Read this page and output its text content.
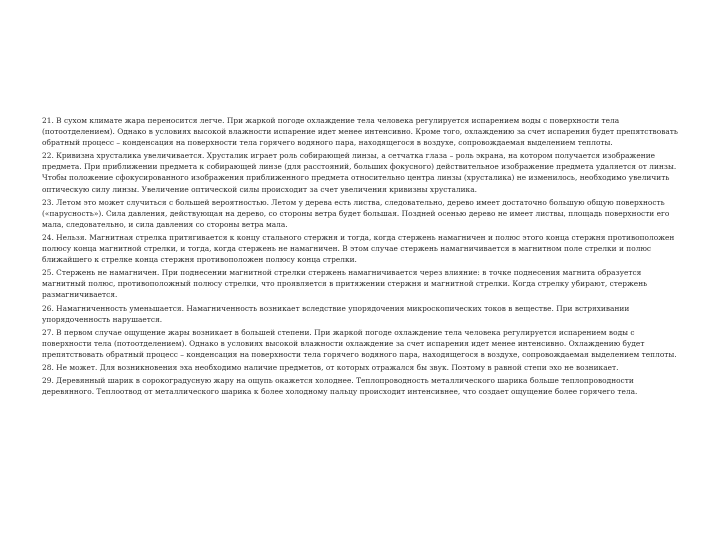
21. В сухом климате жара переносится легче. При жаркой погоде охлаждение тела человека регулируется испарением воды с поверхности тела (потоотделением). Однако в условиях высокой влажности испарение идет менее интенсивно. Кроме того, охлаждению за счет испарения будет препятствовать обратный процесс – конденсация на поверхности тела горячего водяного пара, находящегося в воздухе, сопровождаемая выделением теплоты.

22. Кривизна хрусталика увеличивается. Хрусталик играет роль собирающей линзы, а сетчатка глаза – роль экрана, на котором получается изображение предмета. При приближении предмета к собирающей линзе (для расстояний, больших фокусного) действительное изображение предмета удаляется от линзы. Чтобы положение сфокусированного изображения приближенного предмета относительно центра линзы (хрусталика) не изменилось, необходимо увеличить оптическую силу линзы. Увеличение оптической силы происходит за счет увеличения кривизны хрусталика.

23. Летом это может случиться с большей вероятностью. Летом у дерева есть листва, следовательно, дерево имеет достаточно большую общую поверхность («парусность»). Сила давления, действующая на дерево, со стороны ветра будет большая. Поздней осенью дерево не имеет листвы, площадь поверхности его мала, следовательно, и сила давления со стороны ветра мала.

24. Нельзя. Магнитная стрелка притягивается к концу стального стержня и тогда, когда стержень намагничен и полюс этого конца стержня противоположен полюсу конца магнитной стрелки, и тогда, когда стержень не намагничен. В этом случае стержень намагничивается в магнитном поле стрелки и полюс ближайшего к стрелке конца стержня противоположен полюсу конца стрелки.

25. Стержень не намагничен. При поднесении магнитной стрелки стержень намагничивается через влияние: в точке поднесения магнита образуется магнитный полюс, противоположный полюсу стрелки, что проявляется в притяжении стержня и магнитной стрелки. Когда стрелку убирают, стержень размагничивается.

26. Намагниченность уменьшается. Намагниченность возникает вследствие упорядочения микроскопических токов в веществе. При встряхивании упорядоченность нарушается.

27. В первом случае ощущение жары возникает в большей степени. При жаркой погоде охлаждение тела человека регулируется испарением воды с поверхности тела (потоотделением). Однако в условиях высокой влажности охлаждение за счет испарения идет менее интенсивно. Охлаждению будет препятствовать обратный процесс – конденсация на поверхности тела горячего водяного пара, находящегося в воздухе, сопровождаемая выделением теплоты.

28. Не может. Для возникновения эха необходимо наличие предметов, от которых отражался бы звук. Поэтому в равной степи эхо не возникает.

29. Деревянный шарик в сорокоградусную жару на ощупь окажется холоднее. Теплопроводность металлического шарика больше теплопроводности деревянного. Теплоотвод от металлического шарика к более холодному пальцу происходит интенсивнее, что создает ощущение более горячего тела.
